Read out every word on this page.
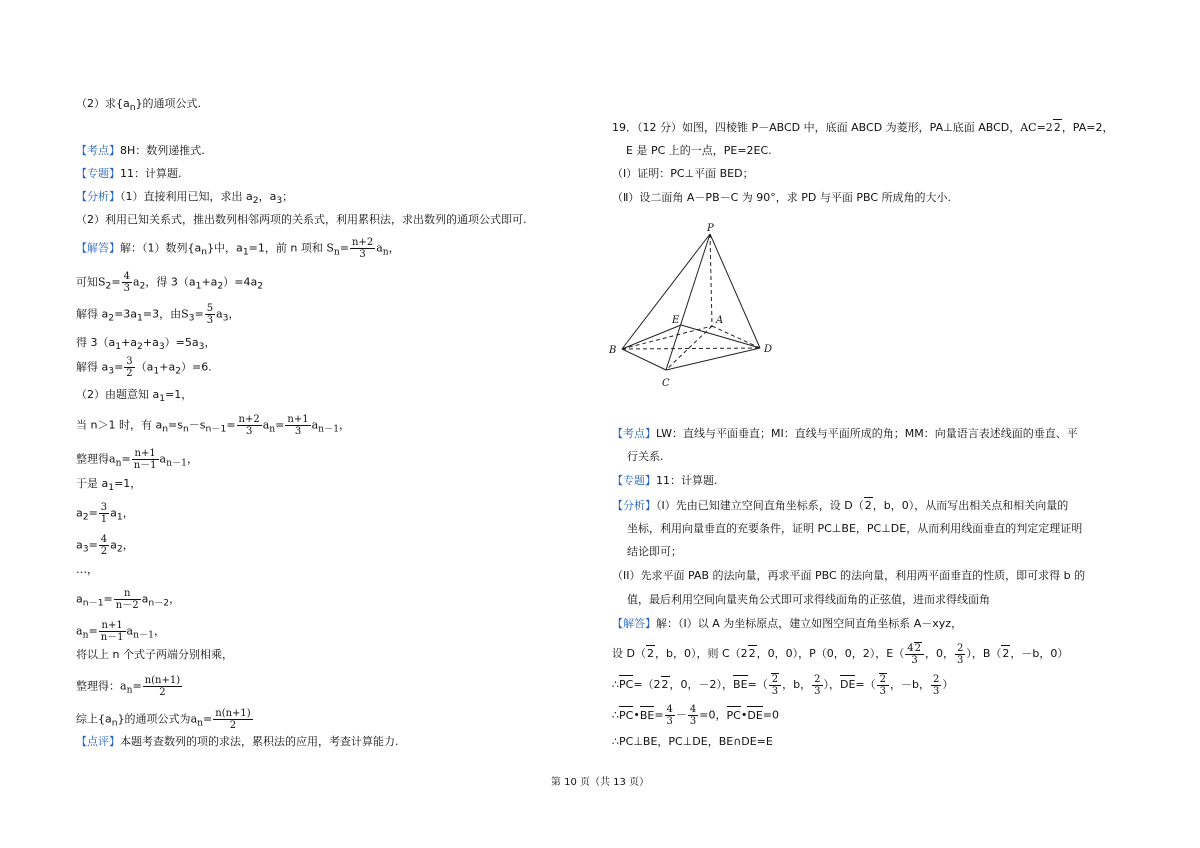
（2）求$\{a_n\}$的通项公式.
【考点】8H：数列递推式.
【专题】11：计算题.
【分析】（1）直接利用已知，求出 $a_2$，$a_3$；
（2）利用已知关系式，推出数列相邻两项的关系式，利用累积法，求出数列的通项公式即可.
【解答】解：（1）数列$\{a_n\}$中，$a_1=1$，前 n 项和 $S_n= \frac{n+2}{3} a_n$，
可知$S_2= \frac{4}{3} a_2$，得 $3(a_1+a_2)=4a_2$
解得 $a_2=3a_1=3$，由$S_3= \frac{5}{3} a_3$，
得 $3(a_1+a_2+a_3)=5a_3$，
解得 $a_3= \frac{3}{2} (a_1+a_2)=6$.
（2）由题意知 $a_1=1$，
当 n＞1 时，有 $a_n=s_n-s_{n-1}= \frac{n+2}{3} a_n= \frac{n+1}{3} a_{n-1}$，
整理得$a_n= \frac{n+1}{n-1} a_{n-1}$，
于是 $a_1=1$，
$a_2= \frac{3}{1} a_1$，
$a_3= \frac{4}{2} a_2$，
…，
$a_{n-1}= \frac{n}{n-2} a_{n-2}$，
$a_n= \frac{n+1}{n-1} a_{n-1}$，
将以上 n 个式子两端分别相乘，
整理得：$a_n= \frac{n(n+1)}{2}$
综上$\{a_n\}$的通项公式为$a_n= \frac{n(n+1)}{2}$
【点评】本题考查数列的项的求法，累积法的应用，考查计算能力.
19．（12 分）如图，四棱锥 P－ABCD 中，底面 ABCD 为菱形，PA⊥底面 ABCD，AC=22，PA=2，
E 是 PC 上的一点，PE=2EC.
（Ⅰ）证明：PC⊥平面 BED；
（Ⅱ）设二面角 A－PB－C 为 90°，求 PD 与平面 PBC 所成角的大小.
P
E	A
B	D
C
【考点】LW：直线与平面垂直；MI：直线与平面所成的角；MM：向量语言表述线面的垂直、平
行关系.
【专题】11：计算题.
【分析】（I）先由已知建立空间直角坐标系，设 D（2，b，0），从而写出相关点和相关向量的
坐标，利用向量垂直的充要条件，证明 PC⊥BE，PC⊥DE，从而利用线面垂直的判定定理证明
结论即可；
（II）先求平面 PAB 的法向量，再求平面 PBC 的法向量，利用两平面垂直的性质，即可求得 b 的
值，最后利用空间向量夹角公式即可求得线面角的正弦值，进而求得线面角
【解答】解：（I）以 A 为坐标原点，建立如图空间直角坐标系 A－xyz，
设 D（2，b，0），则 C（22，0，0），P（0，0，2），$E( \frac{42}{3}$ ，0， $\frac{2}{3}$ ），B（2，－b，0）
∴PC=（22，0，－2），$BE=( \frac{2}{3}$ ，b， $\frac{2}{3}$ ），$DE=( \frac{2}{3}$ ，－b， $\frac{2}{3}$ ）
∴PC•BE= $\frac{4}{3} - \frac{4}{3} =0$，PC•DE=0
∴PC⊥BE，PC⊥DE，BE∩DE=E
第 10 页（共 13 页）
